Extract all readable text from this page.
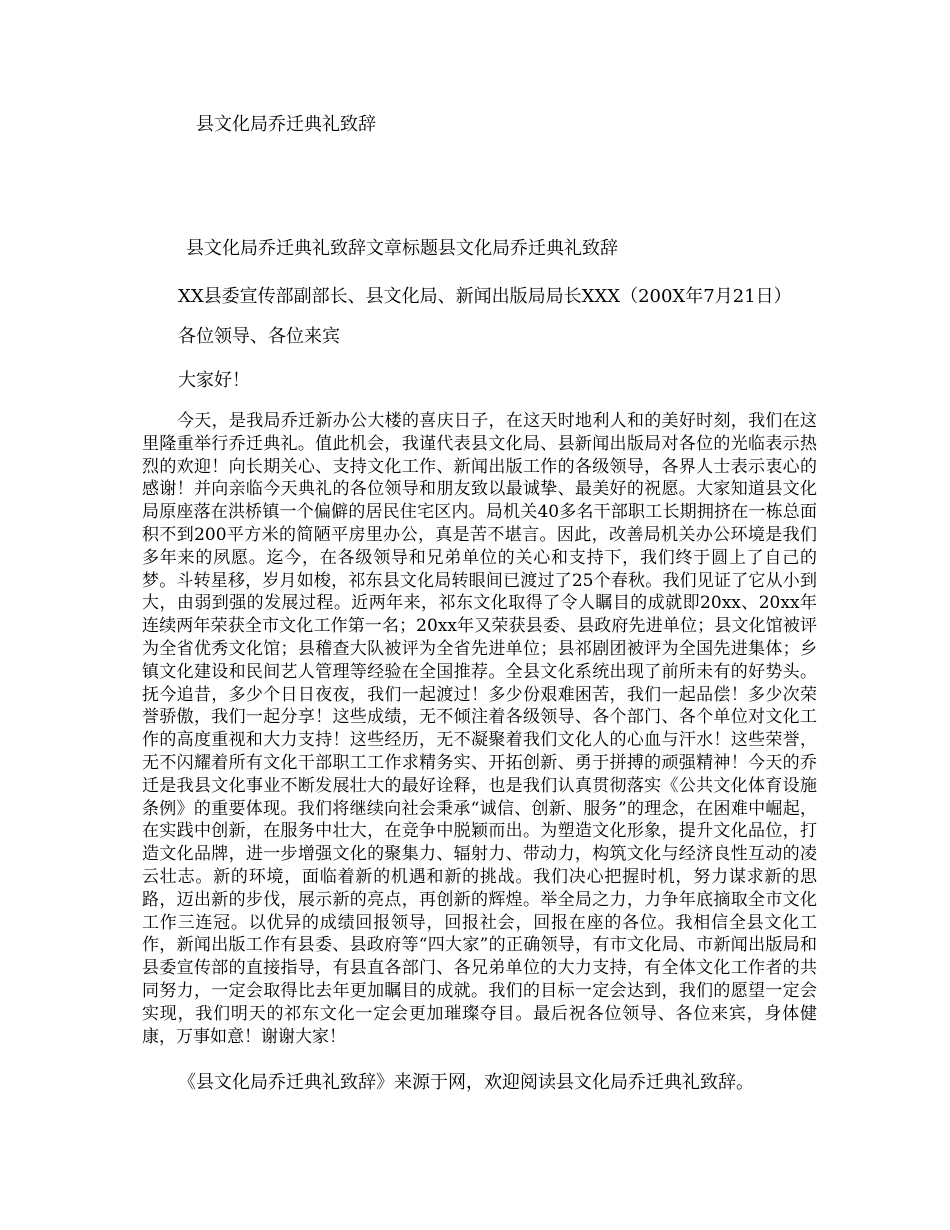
县文化局乔迁典礼致辞
县文化局乔迁典礼致辞文章标题县文化局乔迁典礼致辞
XX县委宣传部副部长、县文化局、新闻出版局局长XXX（200X年7月21日）
各位领导、各位来宾
大家好！

今天，是我局乔迁新办公大楼的喜庆日子，在这天时地利人和的美好时刻，我们在这里隆重举行乔迁典礼。值此机会，我谨代表县文化局、县新闻出版局对各位的光临表示热烈的欢迎！向长期关心、支持文化工作、新闻出版工作的各级领导，各界人士表示衷心的感谢！并向亲临今天典礼的各位领导和朋友致以最诚挚、最美好的祝愿。大家知道县文化局原座落在洪桥镇一个偏僻的居民住宅区内。局机关40多名干部职工长期拥挤在一栋总面积不到200平方米的简陋平房里办公，真是苦不堪言。因此，改善局机关办公环境是我们多年来的夙愿。迄今，在各级领导和兄弟单位的关心和支持下，我们终于圆上了自己的梦。斗转星移，岁月如梭，祁东县文化局转眼间已渡过了25个春秋。我们见证了它从小到大，由弱到强的发展过程。近两年来，祁东文化取得了令人瞩目的成就即20xx、20xx年连续两年荣获全市文化工作第一名；20xx年又荣获县委、县政府先进单位；县文化馆被评为全省优秀文化馆；县稽查大队被评为全省先进单位；县祁剧团被评为全国先进集体；乡镇文化建设和民间艺人管理等经验在全国推荐。全县文化系统出现了前所未有的好势头。抚今追昔，多少个日日夜夜，我们一起渡过！多少份艰难困苦，我们一起品偿！多少次荣誉骄傲，我们一起分享！这些成绩，无不倾注着各级领导、各个部门、各个单位对文化工作的高度重视和大力支持！这些经历，无不凝聚着我们文化人的心血与汗水！这些荣誉，无不闪耀着所有文化干部职工工作求精务实、开拓创新、勇于拼搏的顽强精神！今天的乔迁是我县文化事业不断发展壮大的最好诠释，也是我们认真贯彻落实《公共文化体育设施条例》的重要体现。我们将继续向社会秉承“诚信、创新、服务”的理念，在困难中崛起，在实践中创新，在服务中壮大，在竞争中脱颖而出。为塑造文化形象，提升文化品位，打造文化品牌，进一步增强文化的聚集力、辐射力、带动力，构筑文化与经济良性互动的凌云壮志。新的环境，面临着新的机遇和新的挑战。我们决心把握时机，努力谋求新的思路，迈出新的步伐，展示新的亮点，再创新的辉煌。举全局之力，力争年底摘取全市文化工作三连冠。以优异的成绩回报领导，回报社会，回报在座的各位。我相信全县文化工作，新闻出版工作有县委、县政府等“四大家”的正确领导，有市文化局、市新闻出版局和县委宣传部的直接指导，有县直各部门、各兄弟单位的大力支持，有全体文化工作者的共同努力，一定会取得比去年更加瞩目的成就。我们的目标一定会达到，我们的愿望一定会实现，我们明天的祁东文化一定会更加璀璨夺目。最后祝各位领导、各位来宾，身体健康，万事如意！谢谢大家！

《县文化局乔迁典礼致辞》来源于网，欢迎阅读县文化局乔迁典礼致辞。
